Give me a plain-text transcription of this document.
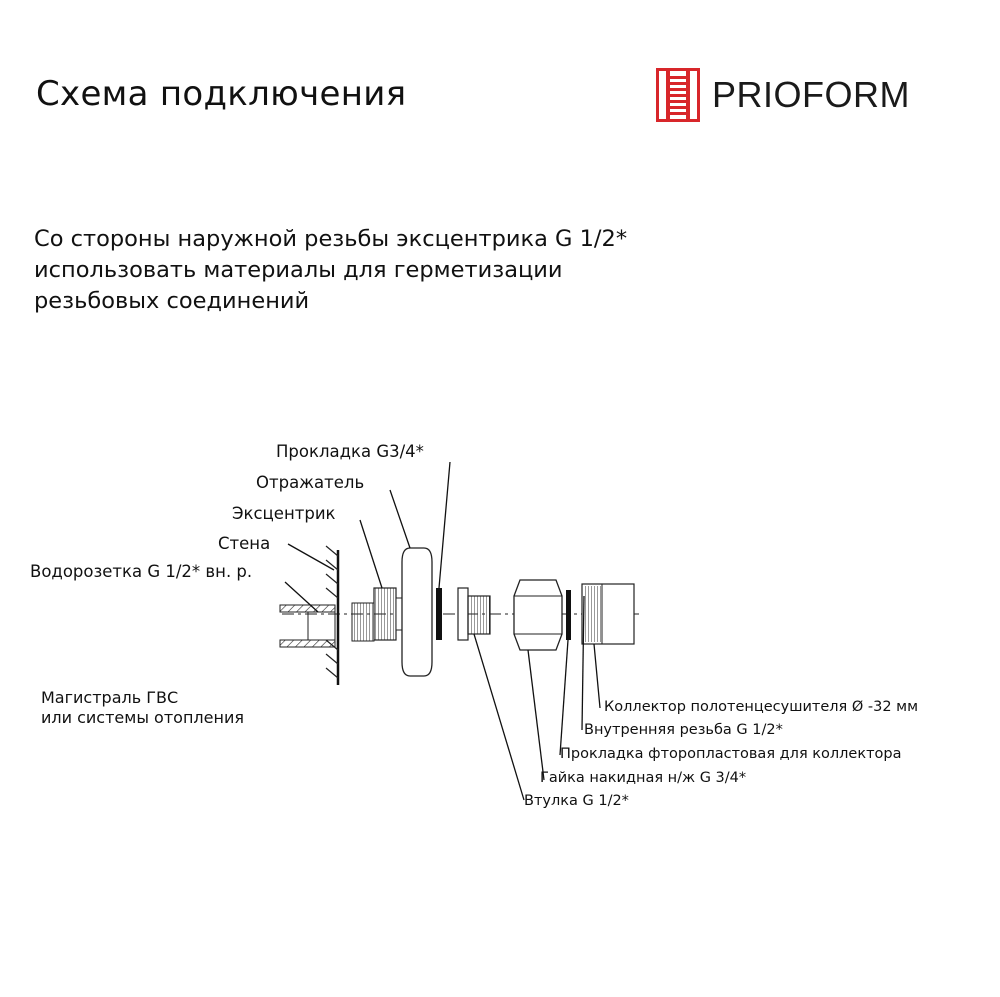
Схема подключения	PRIOFORM
Со стороны наружной резьбы эксцентрика G 1/2*
использовать материалы для герметизации
резьбовых соединений
Прокладка G3/4*
Отражатель
Эксцентрик
Стена
Водорозетка G 1/2* вн. р.
Магистраль ГВС
или системы отопления
Коллектор полотенцесушителя Ø -32 мм
Внутренняя резьба G 1/2*
Прокладка фторопластовая для коллектора
Гайка накидная н/ж G 3/4*
Втулка G 1/2*
